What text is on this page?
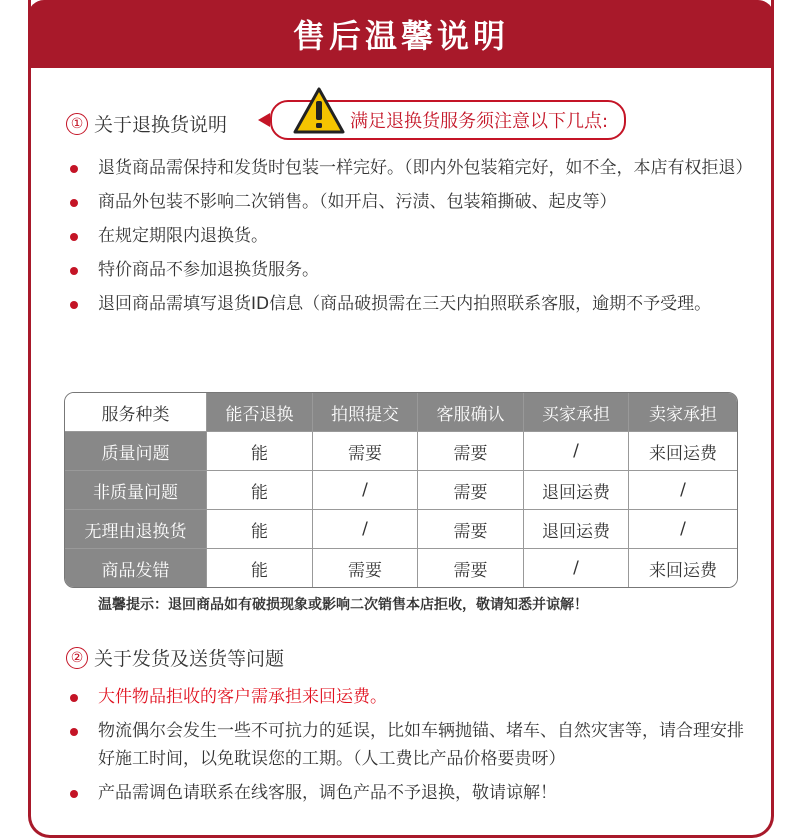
售后温馨说明
① 关于退换货说明	满足退换货服务须注意以下几点:
退货商品需保持和发货时包装一样完好。（即内外包装箱完好，如不全，本店有权拒退）
商品外包装不影响二次销售。（如开启、污渍、包装箱撕破、起皮等）
在规定期限内退换货。
特价商品不参加退换货服务。
退回商品需填写退货ID信息（商品破损需在三天内拍照联系客服，逾期不予受理。
服务种类	能否退换	拍照提交	客服确认	买家承担	卖家承担
质量问题	能	需要	需要	/	来回运费
非质量问题	能	/	需要	退回运费	/
无理由退换货	能	/	需要	退回运费	/
商品发错	能	需要	需要	/	来回运费
温馨提示：退回商品如有破损现象或影响二次销售本店拒收，敬请知悉并谅解！
② 关于发货及送货等问题
大件物品拒收的客户需承担来回运费。
物流偶尔会发生一些不可抗力的延误，比如车辆抛锚、堵车、自然灾害等，请合理安排好施工时间，以免耽误您的工期。（人工费比产品价格要贵呀）
产品需调色请联系在线客服，调色产品不予退换，敬请谅解！
